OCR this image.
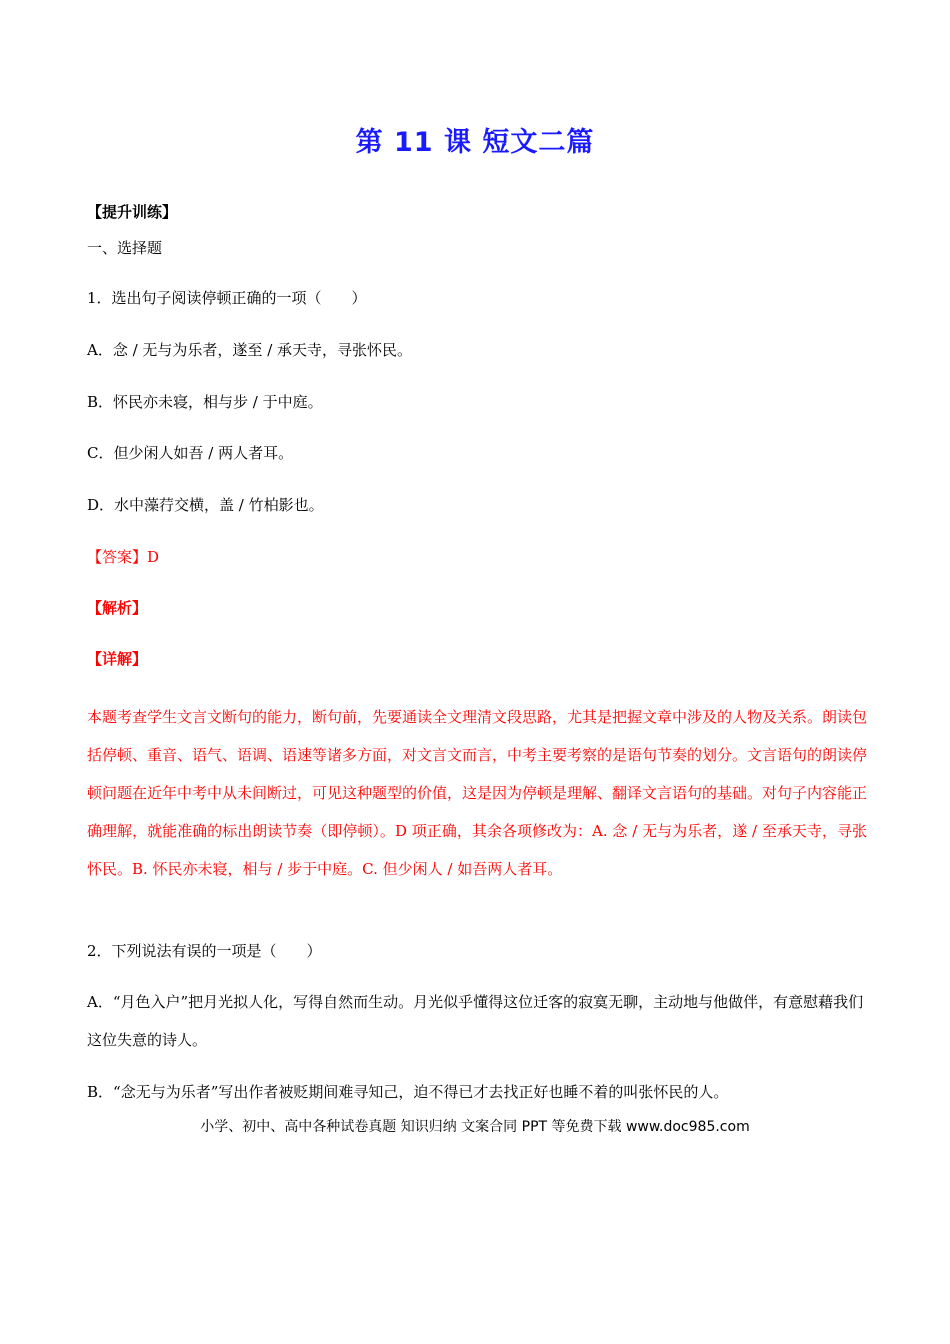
第 11 课 短文二篇
【提升训练】
一、选择题
1．选出句子阅读停顿正确的一项（　　）
A．念 / 无与为乐者，遂至 / 承天寺，寻张怀民。
B．怀民亦未寝，相与步 / 于中庭。
C．但少闲人如吾 / 两人者耳。
D．水中藻荇交横，盖 / 竹柏影也。
【答案】D
【解析】
【详解】
本题考查学生文言文断句的能力，断句前，先要通读全文理清文段思路，尤其是把握文章中涉及的人物及关系。朗读包括停顿、重音、语气、语调、语速等诸多方面，对文言文而言，中考主要考察的是语句节奏的划分。文言语句的朗读停顿问题在近年中考中从未间断过，可见这种题型的价值，这是因为停顿是理解、翻译文言语句的基础。对句子内容能正确理解，就能准确的标出朗读节奏（即停顿）。D 项正确，其余各项修改为：A. 念 / 无与为乐者，遂 / 至承天寺，寻张怀民。B. 怀民亦未寝，相与 / 步于中庭。C. 但少闲人 / 如吾两人者耳。
2．下列说法有误的一项是（　　）
A．“月色入户”把月光拟人化，写得自然而生动。月光似乎懂得这位迁客的寂寞无聊，主动地与他做伴，有意慰藉我们这位失意的诗人。
B．“念无与为乐者”写出作者被贬期间难寻知己，迫不得已才去找正好也睡不着的叫张怀民的人。
小学、初中、高中各种试卷真题 知识归纳 文案合同 PPT 等免费下载 www.doc985.com
